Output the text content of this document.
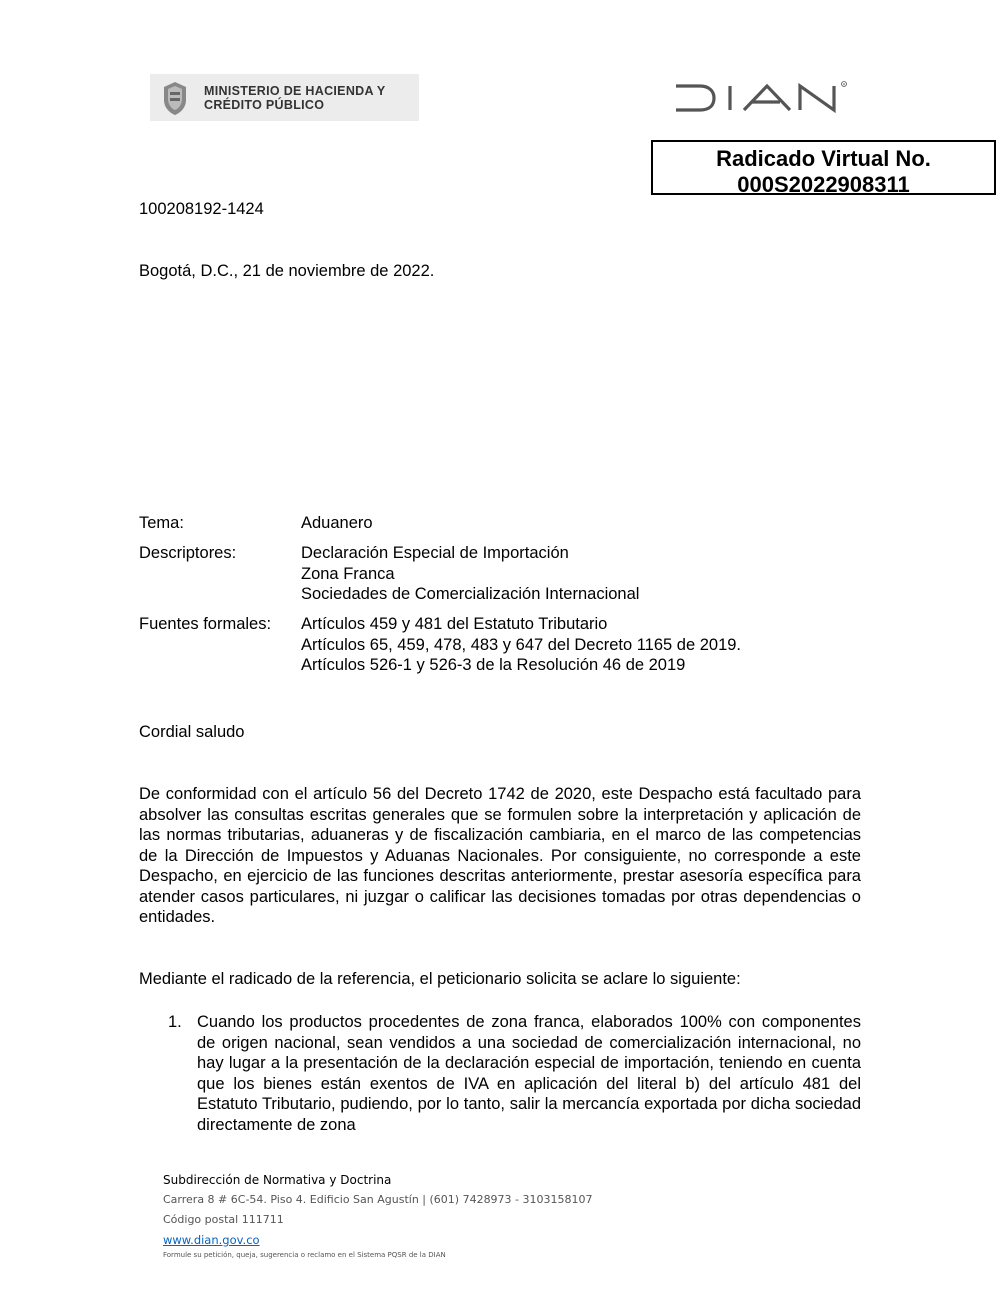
MINISTERIO DE HACIENDA Y
CRÉDITO PÚBLICO
R
Radicado Virtual No.
000S2022908311
100208192-1424
Bogotá, D.C., 21 de noviembre de 2022.
Tema:	Aduanero
Descriptores:	Declaración Especial de Importación
Zona Franca
Sociedades de Comercialización Internacional
Fuentes formales: Artículos 459 y 481 del Estatuto Tributario
Artículos 65, 459, 478, 483 y 647 del Decreto 1165 de 2019.
Artículos 526-1 y 526-3 de la Resolución 46 de 2019
Cordial saludo
De conformidad con el artículo 56 del Decreto 1742 de 2020, este Despacho está facultado para absolver las consultas escritas generales que se formulen sobre la interpretación y aplicación de las normas tributarias, aduaneras y de fiscalización cambiaria, en el marco de las competencias de la Dirección de Impuestos y Aduanas Nacionales. Por consiguiente, no corresponde a este Despacho, en ejercicio de las funciones descritas anteriormente, prestar asesoría específica para atender casos particulares, ni juzgar o calificar las decisiones tomadas por otras dependencias o entidades.
Mediante el radicado de la referencia, el peticionario solicita se aclare lo siguiente:
1. Cuando los productos procedentes de zona franca, elaborados 100% con componentes de origen nacional, sean vendidos a una sociedad de comercialización internacional, no hay lugar a la presentación de la declaración especial de importación, teniendo en cuenta que los bienes están exentos de IVA en aplicación del literal b) del artículo 481 del Estatuto Tributario, pudiendo, por lo tanto, salir la mercancía exportada por dicha sociedad directamente de zona
Subdirección de Normativa y Doctrina
Carrera 8 # 6C-54. Piso 4. Edificio San Agustín | (601) 7428973 - 3103158107
Código postal 111711
www.dian.gov.co
Formule su petición, queja, sugerencia o reclamo en el Sistema PQSR de la DIAN
